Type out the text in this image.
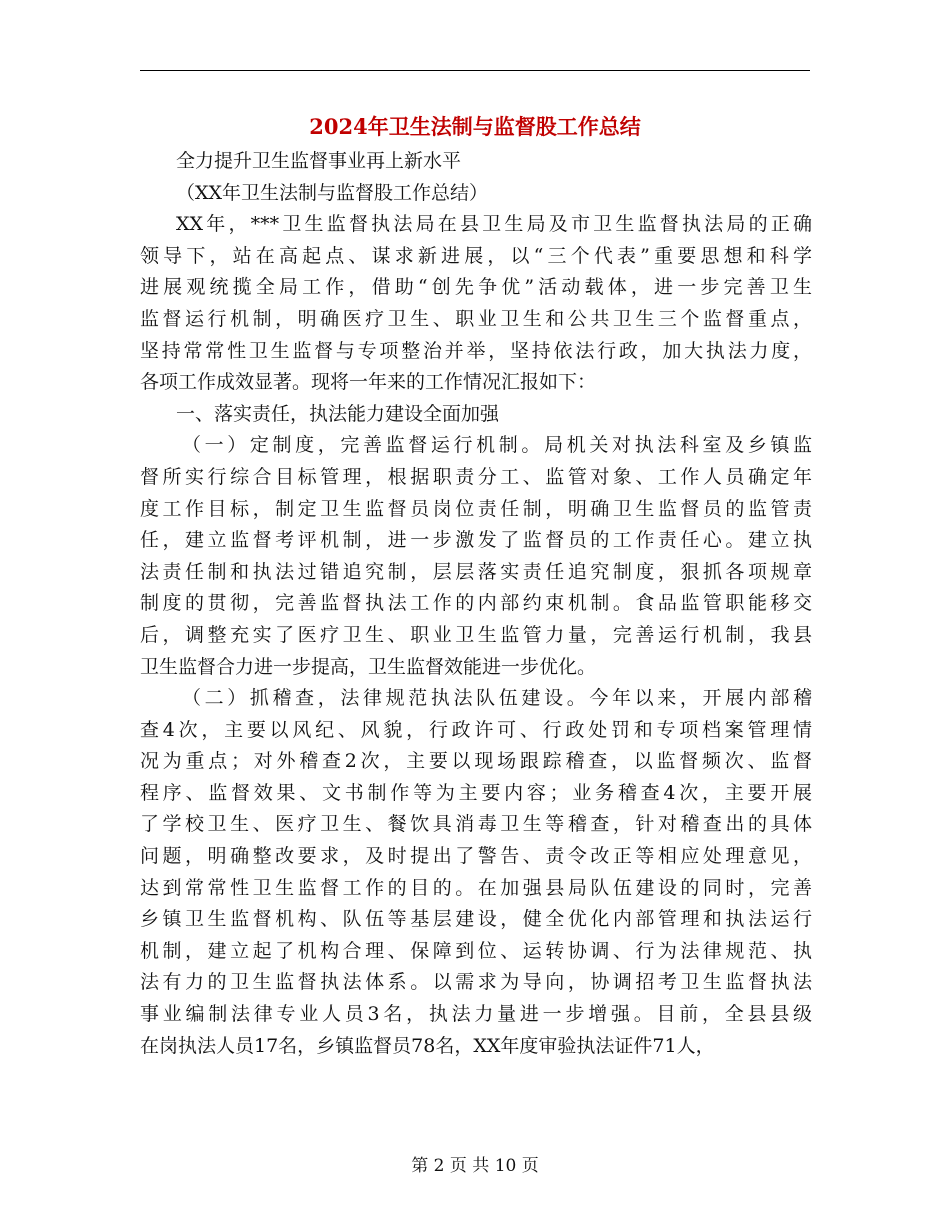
2024年卫生法制与监督股工作总结
全力提升卫生监督事业再上新水平
（XX年卫生法制与监督股工作总结）
XX年，***卫生监督执法局在县卫生局及市卫生监督执法局的正确
领导下，站在高起点、谋求新进展，以“三个代表”重要思想和科学
进展观统揽全局工作，借助“创先争优”活动载体，进一步完善卫生
监督运行机制，明确医疗卫生、职业卫生和公共卫生三个监督重点，
坚持常常性卫生监督与专项整治并举，坚持依法行政，加大执法力度，
各项工作成效显著。现将一年来的工作情况汇报如下：
一、落实责任，执法能力建设全面加强
（一）定制度，完善监督运行机制。局机关对执法科室及乡镇监
督所实行综合目标管理，根据职责分工、监管对象、工作人员确定年
度工作目标，制定卫生监督员岗位责任制，明确卫生监督员的监管责
任，建立监督考评机制，进一步激发了监督员的工作责任心。建立执
法责任制和执法过错追究制，层层落实责任追究制度，狠抓各项规章
制度的贯彻，完善监督执法工作的内部约束机制。食品监管职能移交
后，调整充实了医疗卫生、职业卫生监管力量，完善运行机制，我县
卫生监督合力进一步提高，卫生监督效能进一步优化。
（二）抓稽查，法律规范执法队伍建设。今年以来，开展内部稽
查4次，主要以风纪、风貌，行政许可、行政处罚和专项档案管理情
况为重点；对外稽查2次，主要以现场跟踪稽查，以监督频次、监督
程序、监督效果、文书制作等为主要内容；业务稽查4次，主要开展
了学校卫生、医疗卫生、餐饮具消毒卫生等稽查，针对稽查出的具体
问题，明确整改要求，及时提出了警告、责令改正等相应处理意见，
达到常常性卫生监督工作的目的。在加强县局队伍建设的同时，完善
乡镇卫生监督机构、队伍等基层建设，健全优化内部管理和执法运行
机制，建立起了机构合理、保障到位、运转协调、行为法律规范、执
法有力的卫生监督执法体系。以需求为导向，协调招考卫生监督执法
事业编制法律专业人员3名，执法力量进一步增强。目前，全县县级
在岗执法人员17名，乡镇监督员78名，XX年度审验执法证件71人，
第 2 页 共 10 页
